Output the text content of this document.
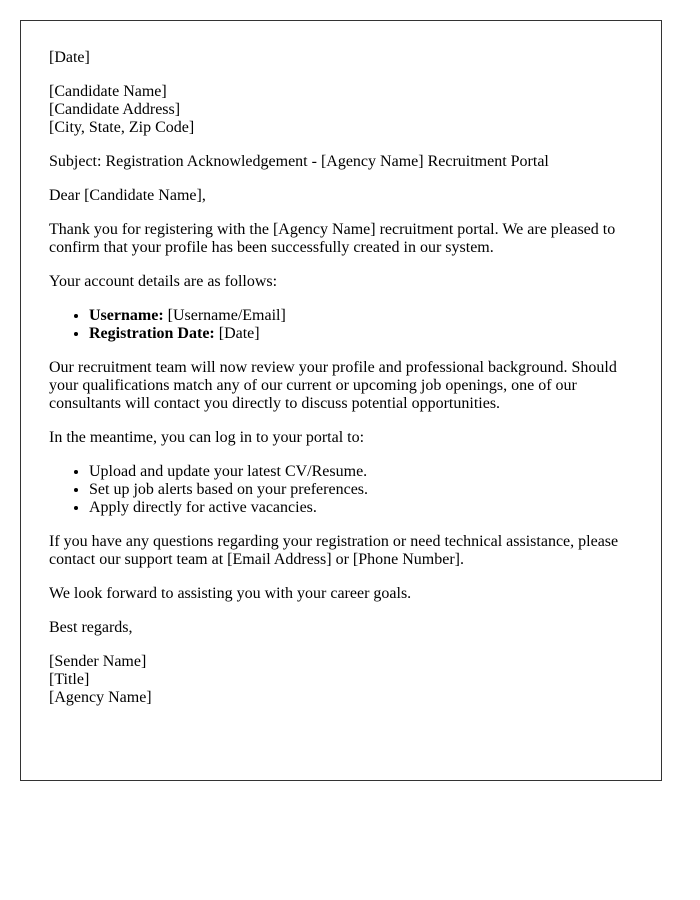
[Date]

[Candidate Name]
[Candidate Address]
[City, State, Zip Code]

Subject: Registration Acknowledgement - [Agency Name] Recruitment Portal

Dear [Candidate Name],

Thank you for registering with the [Agency Name] recruitment portal. We are pleased to confirm that your profile has been successfully created in our system.

Your account details are as follows:

• Username: [Username/Email]
• Registration Date: [Date]

Our recruitment team will now review your profile and professional background. Should your qualifications match any of our current or upcoming job openings, one of our consultants will contact you directly to discuss potential opportunities.

In the meantime, you can log in to your portal to:

• Upload and update your latest CV/Resume.
• Set up job alerts based on your preferences.
• Apply directly for active vacancies.

If you have any questions regarding your registration or need technical assistance, please contact our support team at [Email Address] or [Phone Number].

We look forward to assisting you with your career goals.

Best regards,

[Sender Name]
[Title]
[Agency Name]
